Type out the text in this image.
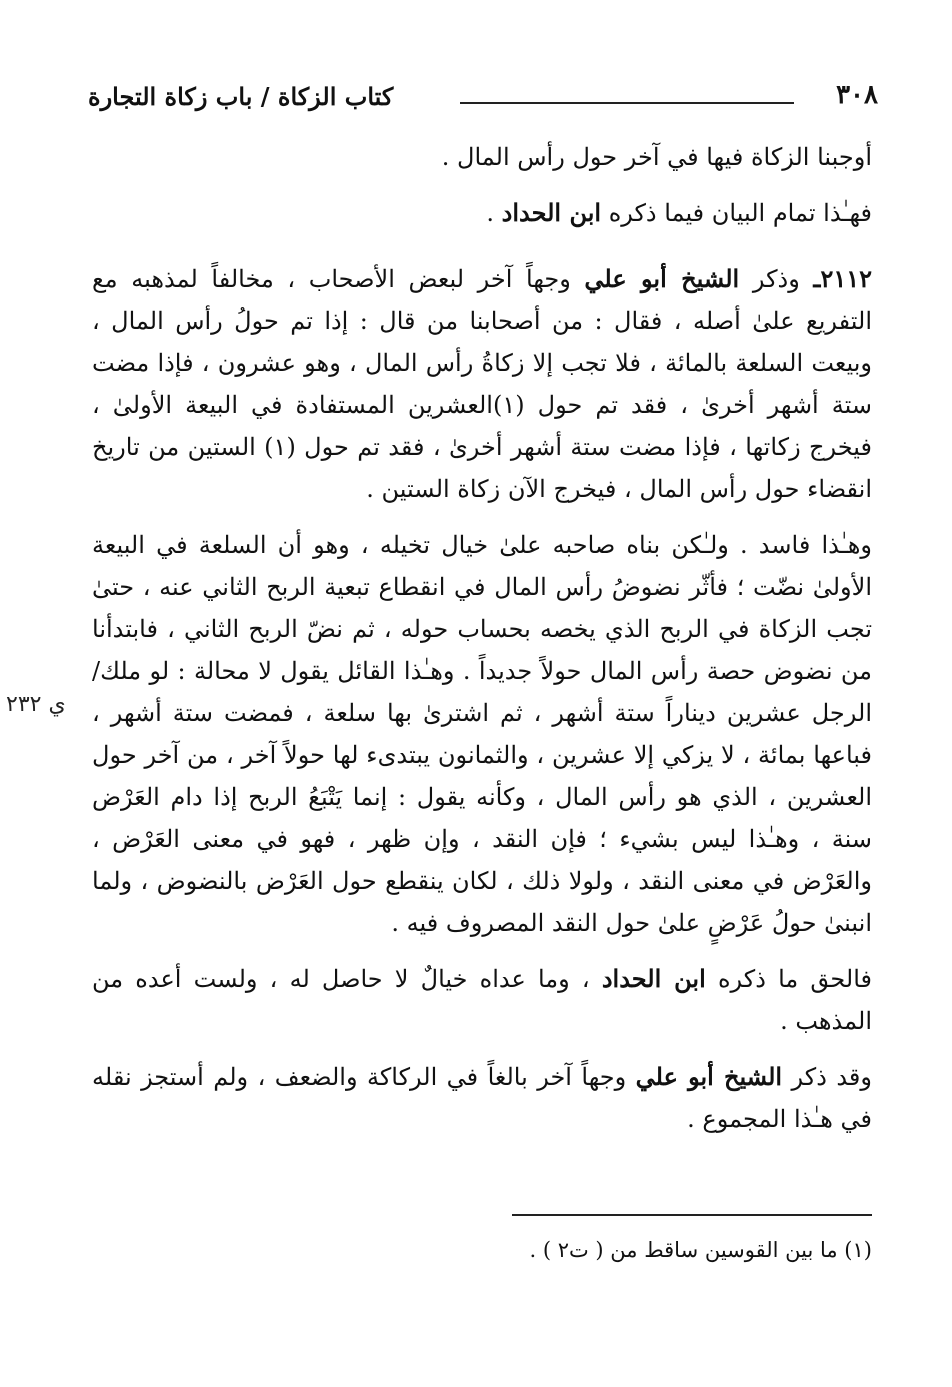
٣٠٨
كتاب الزكاة / باب زكاة التجارة
ي ٢٣٢

أوجبنا الزكاة فيها في آخر حول رأس المال .

فهـٰذا تمام البيان فيما ذكره ابن الحداد .

٢١١٢ـ وذكر الشيخ أبو علي وجهاً آخر لبعض الأصحاب ، مخالفاً لمذهبه مع التفريع علىٰ أصله ، فقال : من أصحابنا من قال : إذا تم حولُ رأس المال ، وبيعت السلعة بالمائة ، فلا تجب إلا زكاةُ رأس المال ، وهو عشرون ، فإذا مضت ستة أشهر أخرىٰ ، فقد تم حول (١)العشرين المستفادة في البيعة الأولىٰ ، فيخرج زكاتها ، فإذا مضت ستة أشهر أخرىٰ ، فقد تم حول (١) الستين من تاريخ انقضاء حول رأس المال ، فيخرج الآن زكاة الستين .

وهـٰذا فاسد . ولـٰكن بناه صاحبه علىٰ خيال تخيله ، وهو أن السلعة في البيعة الأولىٰ نضّت ؛ فأثّر نضوضُ رأس المال في انقطاع تبعية الربح الثاني عنه ، حتىٰ تجب الزكاة في الربح الذي يخصه بحساب حوله ، ثم نضّ الربح الثاني ، فابتدأنا من نضوض حصة رأس المال حولاً جديداً . وهـٰذا القائل يقول لا محالة : لو ملك/ الرجل عشرين ديناراً ستة أشهر ، ثم اشترىٰ بها سلعة ، فمضت ستة أشهر ، فباعها بمائة ، لا يزكي إلا عشرين ، والثمانون يبتدىء لها حولاً آخر ، من آخر حول العشرين ، الذي هو رأس المال ، وكأنه يقول : إنما يَتْبَعُ الربح إذا دام العَرْض سنة ، وهـٰذا ليس بشيء ؛ فإن النقد ، وإن ظهر ، فهو في معنى العَرْض ، والعَرْض في معنى النقد ، ولولا ذلك ، لكان ينقطع حول العَرْض بالنضوض ، ولما انبنىٰ حولُ عَرْضٍ علىٰ حول النقد المصروف فيه .

فالحق ما ذكره ابن الحداد ، وما عداه خيالٌ لا حاصل له ، ولست أعده من المذهب .

وقد ذكر الشيخ أبو علي وجهاً آخر بالغاً في الركاكة والضعف ، ولم أستجز نقله في هـٰذا المجموع .

(١) ما بين القوسين ساقط من ( ت٢ ) .
